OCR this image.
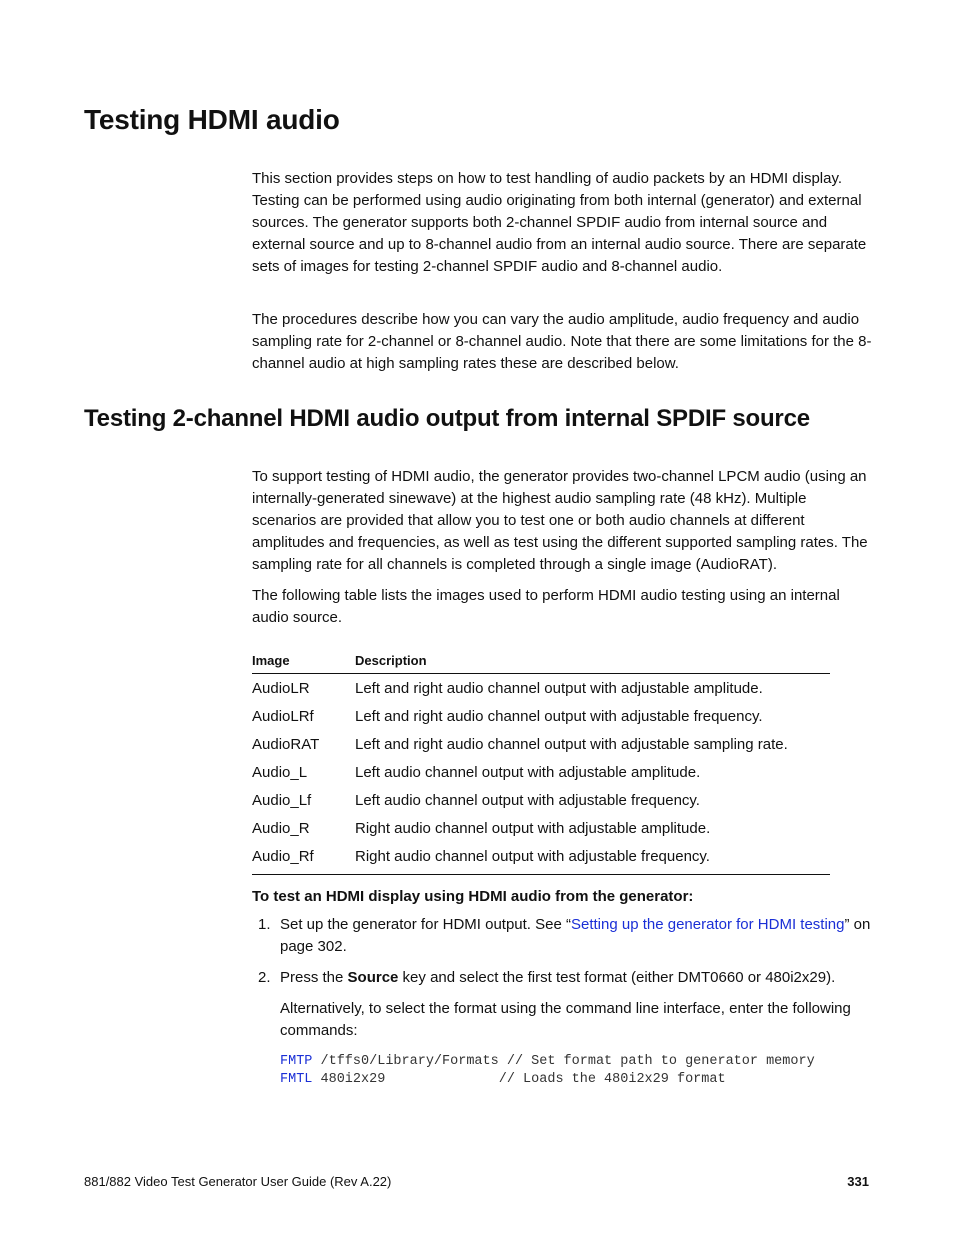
Testing HDMI audio

This section provides steps on how to test handling of audio packets by an HDMI display. Testing can be performed using audio originating from both internal (generator) and external sources. The generator supports both 2-channel SPDIF audio from internal source and external source and up to 8-channel audio from an internal audio source. There are separate sets of images for testing 2-channel SPDIF audio and 8-channel audio.

The procedures describe how you can vary the audio amplitude, audio frequency and audio sampling rate for 2-channel or 8-channel audio. Note that there are some limitations for the 8-channel audio at high sampling rates these are described below.

Testing 2-channel HDMI audio output from internal SPDIF source

To support testing of HDMI audio, the generator provides two-channel LPCM audio (using an internally-generated sinewave) at the highest audio sampling rate (48 kHz). Multiple scenarios are provided that allow you to test one or both audio channels at different amplitudes and frequencies, as well as test using the different supported sampling rates. The sampling rate for all channels is completed through a single image (AudioRAT).

The following table lists the images used to perform HDMI audio testing using an internal audio source.

Image	Description
AudioLR	Left and right audio channel output with adjustable amplitude.
AudioLRf	Left and right audio channel output with adjustable frequency.
AudioRAT	Left and right audio channel output with adjustable sampling rate.
Audio_L	Left audio channel output with adjustable amplitude.
Audio_Lf	Left audio channel output with adjustable frequency.
Audio_R	Right audio channel output with adjustable amplitude.
Audio_Rf	Right audio channel output with adjustable frequency.

To test an HDMI display using HDMI audio from the generator:

1. Set up the generator for HDMI output. See “Setting up the generator for HDMI testing” on page 302.
2. Press the Source key and select the first test format (either DMT0660 or 480i2x29).
Alternatively, to select the format using the command line interface, enter the following commands:
FMTP /tffs0/Library/Formats // Set format path to generator memory
FMTL 480i2x29              // Loads the 480i2x29 format
881/882 Video Test Generator User Guide (Rev A.22)	331
